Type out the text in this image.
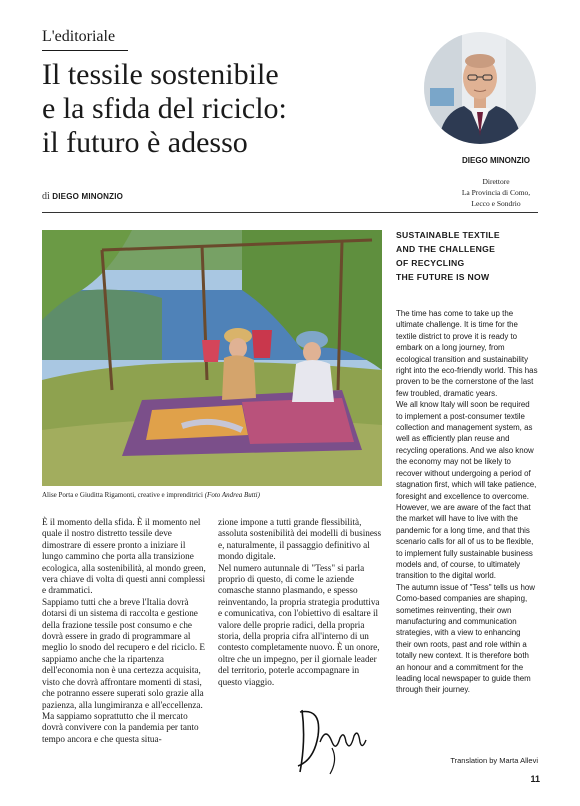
L'editoriale
Il tessile sostenibile
e la sfida del riciclo:
il futuro è adesso
di DIEGO MINONZIO
DIEGO MINONZIO
Direttore
La Provincia di Como,
Lecco e Sondrio
Alise Porta e Giuditta Rigamonti, creative e imprenditrici (Foto Andrea Butti)

È il momento della sfida. È il momento nel quale il nostro distretto tessile deve dimostrare di essere pronto a iniziare il lungo cammino che porta alla transizione ecologica, alla sostenibilità, al mondo green, vera chiave di volta di questi anni complessi e drammatici.

Sappiamo tutti che a breve l'Italia dovrà dotarsi di un sistema di raccolta e gestione della frazione tessile post consumo e che dovrà essere in grado di programmare al meglio lo snodo del recupero e del riciclo. E sappiamo anche che la ripartenza dell'economia non è una certezza acquisita, visto che dovrà affrontare momenti di stasi, che potranno essere superati solo grazie alla pazienza, alla lungimiranza e all'eccellenza.

Ma sappiamo soprattutto che il mercato dovrà convivere con la pandemia per tanto tempo ancora e che questa situa-

zione impone a tutti grande flessibilità, assoluta sostenibilità dei modelli di business e, naturalmente, il passaggio definitivo al mondo digitale.

Nel numero autunnale di "Tess" si parla proprio di questo, di come le aziende comasche stanno plasmando, e spesso reinventando, la propria strategia produttiva e comunicativa, con l'obiettivo di esaltare il valore delle proprie radici, della propria storia, della propria cifra all'interno di un contesto completamente nuovo. È un onore, oltre che un impegno, per il giornale leader del territorio, poterle accompagnare in questo viaggio.

SUSTAINABLE TEXTILE
AND THE CHALLENGE
OF RECYCLING
THE FUTURE IS NOW

The time has come to take up the ultimate challenge. It is time for the textile district to prove it is ready to embark on a long journey, from ecological transition and sustainability right into the eco-friendly world. This has proven to be the cornerstone of the last few troubled, dramatic years.

We all know Italy will soon be required to implement a post-consumer textile collection and management system, as well as efficiently plan reuse and recycling operations. And we also know the economy may not be likely to recover without undergoing a period of stagnation first, which will take patience, foresight and excellence to overcome. However, we are aware of the fact that the market will have to live with the pandemic for a long time, and that this scenario calls for all of us to be flexible, to implement fully sustainable business models and, of course, to ultimately transition to the digital world.

The autumn issue of "Tess" tells us how Como-based companies are shaping, sometimes reinventing, their own manufacturing and communication strategies, with a view to enhancing their own roots, past and role within a totally new context. It is therefore both an honour and a commitment for the leading local newspaper to guide them through their journey.

Translation by Marta Allevi
11
